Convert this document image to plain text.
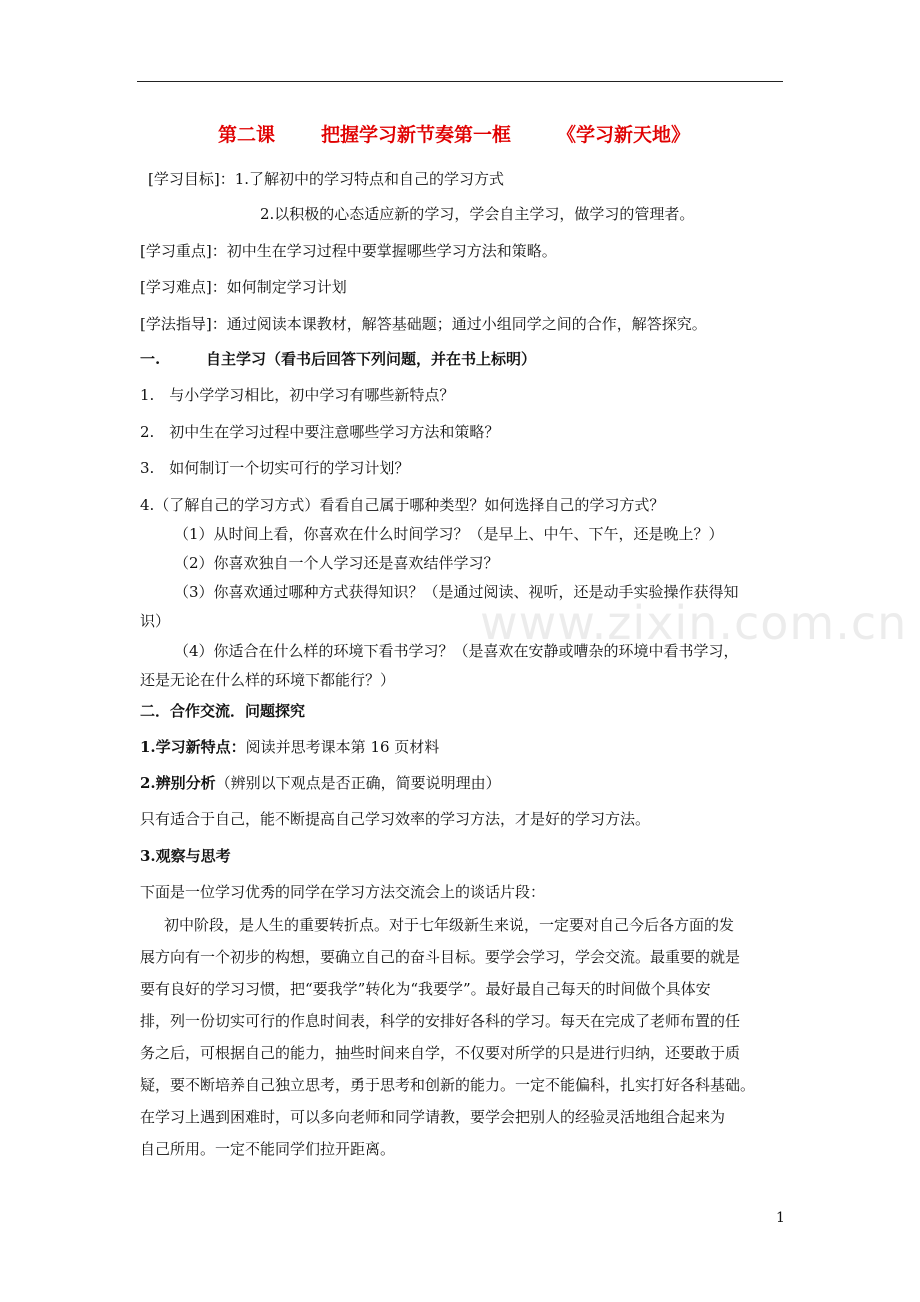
第二课 把握学习新节奏第一框 《学习新天地》
[学习目标]：1.了解初中的学习特点和自己的学习方式
2.以积极的心态适应新的学习，学会自主学习，做学习的管理者。
[学习重点]：初中生在学习过程中要掌握哪些学习方法和策略。
[学习难点]：如何制定学习计划
[学法指导]：通过阅读本课教材，解答基础题；通过小组同学之间的合作，解答探究。
一.	自主学习（看书后回答下列问题，并在书上标明）
1.　与小学学习相比，初中学习有哪些新特点？
2.　初中生在学习过程中要注意哪些学习方法和策略？
3.　如何制订一个切实可行的学习计划？
4.（了解自己的学习方式）看看自己属于哪种类型？如何选择自己的学习方式？
（1）从时间上看，你喜欢在什么时间学习？（是早上、中午、下午，还是晚上？）
（2）你喜欢独自一个人学习还是喜欢结伴学习？
（3）你喜欢通过哪种方式获得知识？（是通过阅读、视听，还是动手实验操作获得知
识）
（4）你适合在什么样的环境下看书学习？（是喜欢在安静或嘈杂的环境中看书学习，
还是无论在什么样的环境下都能行？）
二．合作交流．问题探究
1.学习新特点：阅读并思考课本第 16 页材料
2.辨别分析（辨别以下观点是否正确，简要说明理由）
只有适合于自己，能不断提高自己学习效率的学习方法，才是好的学习方法。
3.观察与思考
下面是一位学习优秀的同学在学习方法交流会上的谈话片段：
初中阶段，是人生的重要转折点。对于七年级新生来说，一定要对自己今后各方面的发
展方向有一个初步的构想，要确立自己的奋斗目标。要学会学习，学会交流。最重要的就是
要有良好的学习习惯，把“要我学”转化为“我要学”。最好最自己每天的时间做个具体安
排，列一份切实可行的作息时间表，科学的安排好各科的学习。每天在完成了老师布置的任
务之后，可根据自己的能力，抽些时间来自学，不仅要对所学的只是进行归纳，还要敢于质
疑，要不断培养自己独立思考，勇于思考和创新的能力。一定不能偏科，扎实打好各科基础。
在学习上遇到困难时，可以多向老师和同学请教，要学会把别人的经验灵活地组合起来为
自己所用。一定不能同学们拉开距离。
www.zixin.com.cn
1
